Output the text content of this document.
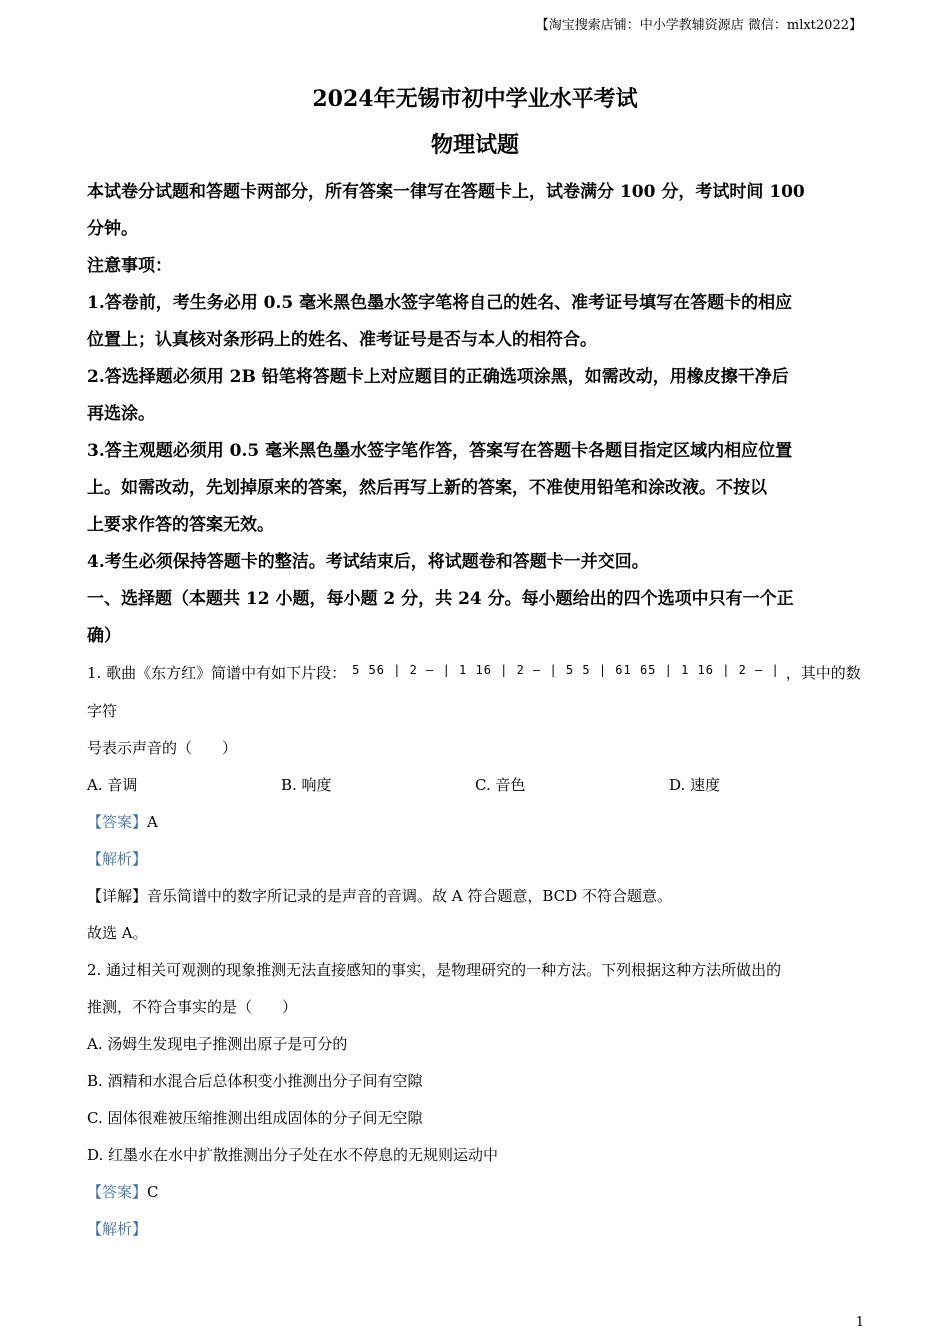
【淘宝搜索店铺：中小学教辅资源店 微信：mlxt2022】
2024年无锡市初中学业水平考试
物理试题

本试卷分试题和答题卡两部分，所有答案一律写在答题卡上，试卷满分 100 分，考试时间 100

分钟。

注意事项：

1.答卷前，考生务必用 0.5 毫米黑色墨水签字笔将自己的姓名、准考证号填写在答题卡的相应

位置上；认真核对条形码上的姓名、准考证号是否与本人的相符合。

2.答选择题必须用 2B 铅笔将答题卡上对应题目的正确选项涂黑，如需改动，用橡皮擦干净后

再选涂。

3.答主观题必须用 0.5 毫米黑色墨水签字笔作答，答案写在答题卡各题目指定区域内相应位置

上。如需改动，先划掉原来的答案，然后再写上新的答案，不准使用铅笔和涂改液。不按以

上要求作答的答案无效。

4.考生必须保持答题卡的整洁。考试结束后，将试题卷和答题卡一并交回。

一、选择题（本题共 12 小题，每小题 2 分，共 24 分。每小题给出的四个选项中只有一个正

确）

1. 歌曲《东方红》简谱中有如下片段： 5 56 | 2 – | 1 16 | 2 – | 5 5 | 61 65 | 1 16 | 2 – | ，其中的数字符

号表示声音的（　　）

A. 音调	B. 响度	C. 音色	D. 速度

【答案】A

【解析】

【详解】音乐简谱中的数字所记录的是声音的音调。故 A 符合题意，BCD 不符合题意。

故选 A。

2. 通过相关可观测的现象推测无法直接感知的事实，是物理研究的一种方法。下列根据这种方法所做出的

推测，不符合事实的是（　　）

A. 汤姆生发现电子推测出原子是可分的

B. 酒精和水混合后总体积变小推测出分子间有空隙

C. 固体很难被压缩推测出组成固体的分子间无空隙

D. 红墨水在水中扩散推测出分子处在水不停息的无规则运动中

【答案】C

【解析】

1
